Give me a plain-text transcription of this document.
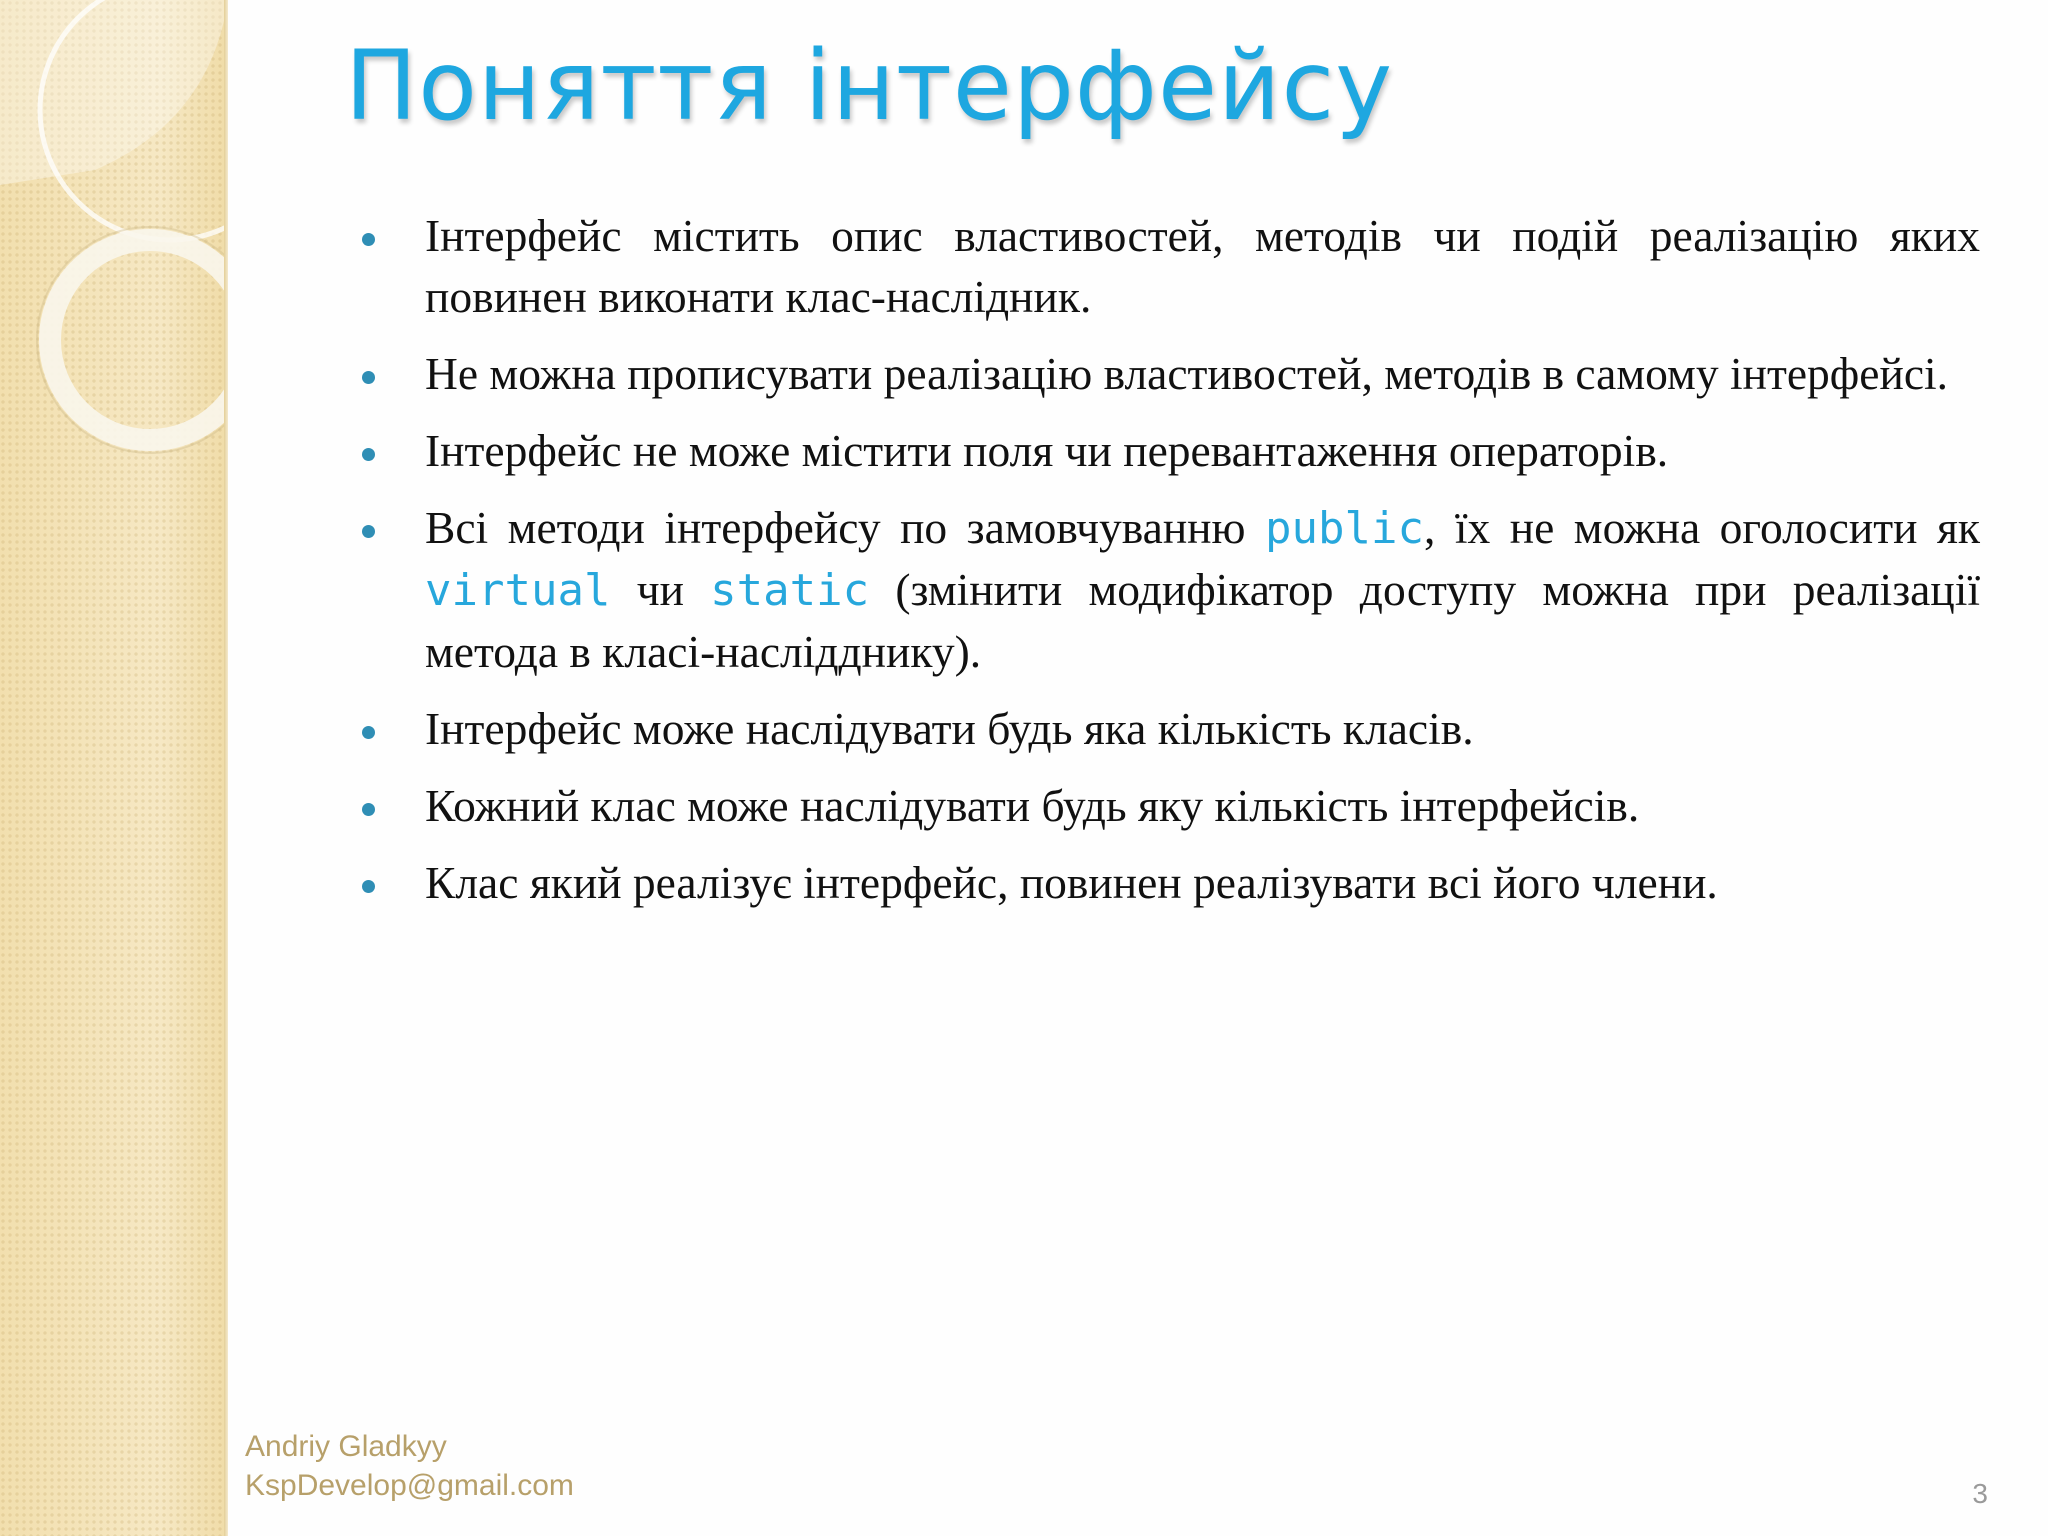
Поняття інтерфейсу
Інтерфейс містить опис властивостей, методів чи подій реалізацію яких повинен виконати клас-наслідник.
Не можна прописувати реалізацію властивостей, методів в самому інтерфейсі.
Інтерфейс не може містити поля чи перевантаження операторів.
Всі методи інтерфейсу по замовчуванню public, їх не можна оголосити як virtual чи static (змінити модифікатор доступу можна при реалізації метода в класі-наслідднику).
Інтерфейс може наслідувати будь яка кількість класів.
Кожний клас може наслідувати будь яку кількість інтерфейсів.
Клас який реалізує інтерфейс, повинен реалізувати всі його члени.
Andriy Gladkyy
KspDevelop@gmail.com	3
